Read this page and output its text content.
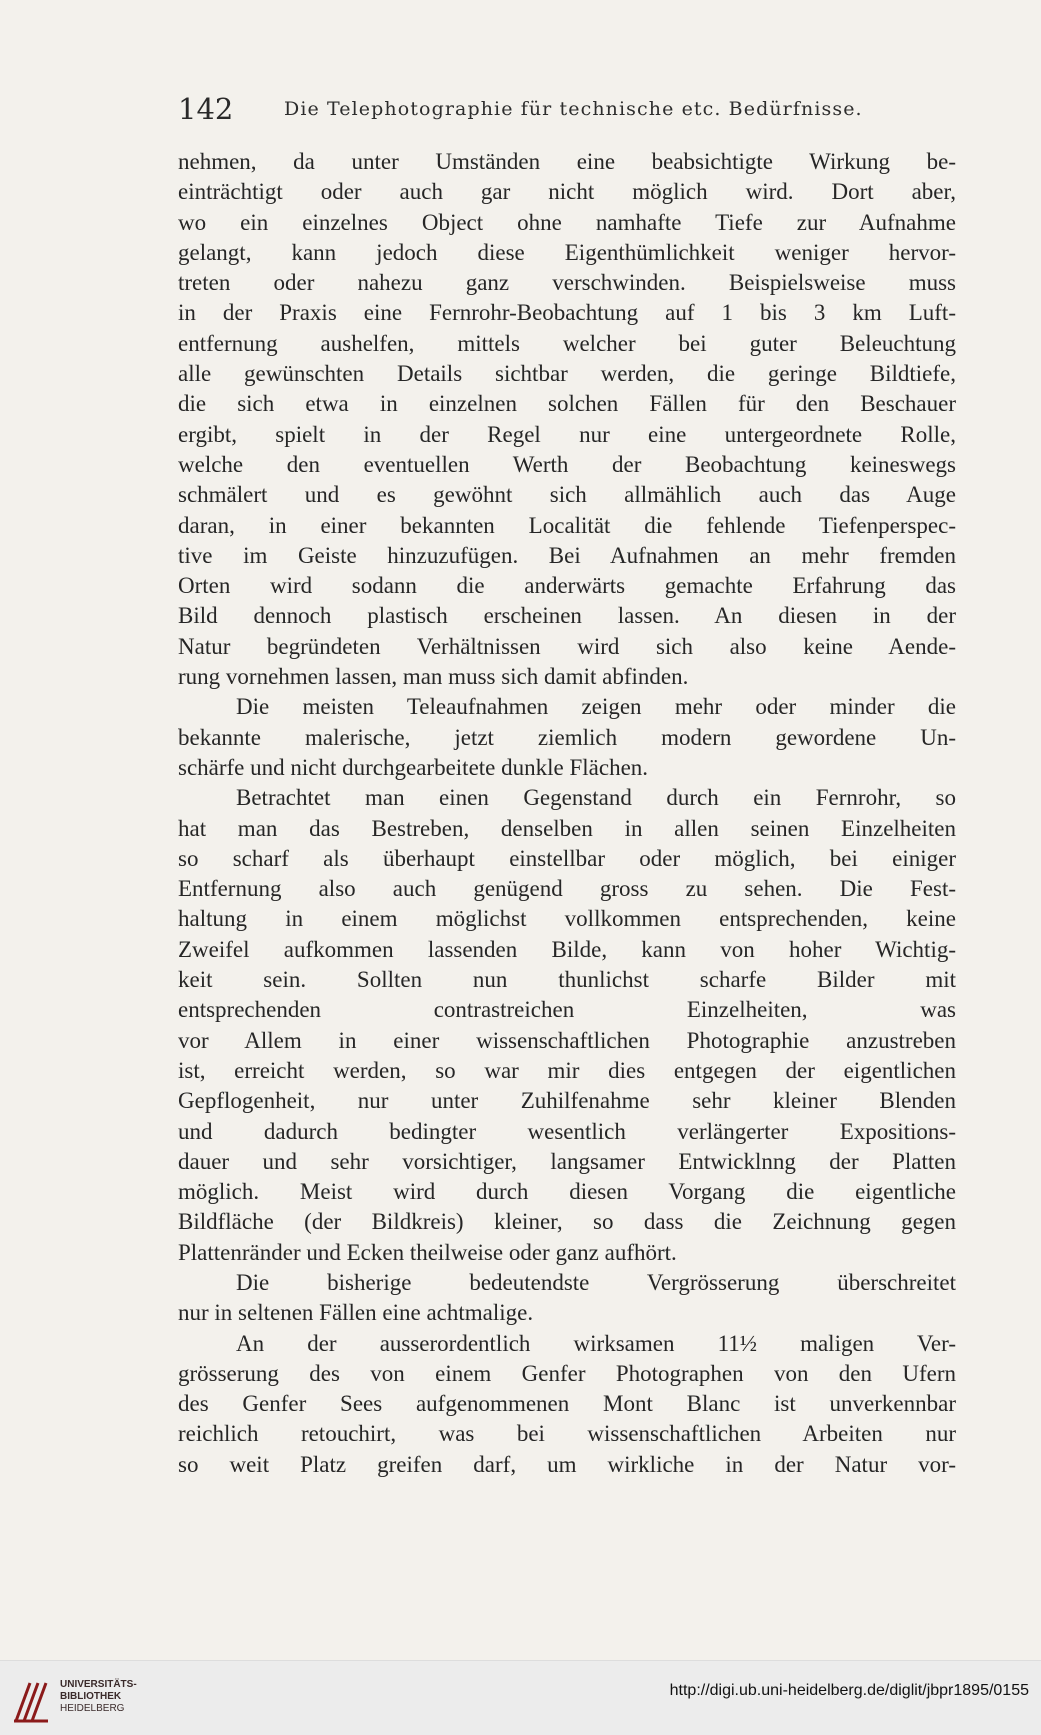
142	Die Telephotographie für technische etc. Bedürfnisse.
nehmen, da unter Umständen eine beabsichtigte Wirkung be-
einträchtigt oder auch gar nicht möglich wird. Dort aber,
wo ein einzelnes Object ohne namhafte Tiefe zur Aufnahme
gelangt, kann jedoch diese Eigenthümlichkeit weniger hervor-
treten oder nahezu ganz verschwinden. Beispielsweise muss
in der Praxis eine Fernrohr-Beobachtung auf 1 bis 3 km Luft-
entfernung aushelfen, mittels welcher bei guter Beleuchtung
alle gewünschten Details sichtbar werden, die geringe Bildtiefe,
die sich etwa in einzelnen solchen Fällen für den Beschauer
ergibt, spielt in der Regel nur eine untergeordnete Rolle,
welche den eventuellen Werth der Beobachtung keineswegs
schmälert und es gewöhnt sich allmählich auch das Auge
daran, in einer bekannten Localität die fehlende Tiefenperspec-
tive im Geiste hinzuzufügen. Bei Aufnahmen an mehr fremden
Orten wird sodann die anderwärts gemachte Erfahrung das
Bild dennoch plastisch erscheinen lassen. An diesen in der
Natur begründeten Verhältnissen wird sich also keine Aende-
rung vornehmen lassen, man muss sich damit abfinden.
Die meisten Teleaufnahmen zeigen mehr oder minder die
bekannte malerische, jetzt ziemlich modern gewordene Un-
schärfe und nicht durchgearbeitete dunkle Flächen.
Betrachtet man einen Gegenstand durch ein Fernrohr, so
hat man das Bestreben, denselben in allen seinen Einzelheiten
so scharf als überhaupt einstellbar oder möglich, bei einiger
Entfernung also auch genügend gross zu sehen. Die Fest-
haltung in einem möglichst vollkommen entsprechenden, keine
Zweifel aufkommen lassenden Bilde, kann von hoher Wichtig-
keit sein. Sollten nun thunlichst scharfe Bilder mit
entsprechenden contrastreichen Einzelheiten, was
vor Allem in einer wissenschaftlichen Photographie anzustreben
ist, erreicht werden, so war mir dies entgegen der eigentlichen
Gepflogenheit, nur unter Zuhilfenahme sehr kleiner Blenden
und dadurch bedingter wesentlich verlängerter Expositions-
dauer und sehr vorsichtiger, langsamer Entwicklnng der Platten
möglich. Meist wird durch diesen Vorgang die eigentliche
Bildfläche (der Bildkreis) kleiner, so dass die Zeichnung gegen
Plattenränder und Ecken theilweise oder ganz aufhört.
Die bisherige bedeutendste Vergrösserung überschreitet
nur in seltenen Fällen eine achtmalige.
An der ausserordentlich wirksamen 11½ maligen Ver-
grösserung des von einem Genfer Photographen von den Ufern
des Genfer Sees aufgenommenen Mont Blanc ist unverkennbar
reichlich retouchirt, was bei wissenschaftlichen Arbeiten nur
so weit Platz greifen darf, um wirkliche in der Natur vor-
UNIVERSITÄTS-
BIBLIOTHEK
HEIDELBERG
http://digi.ub.uni-heidelberg.de/diglit/jbpr1895/0155
